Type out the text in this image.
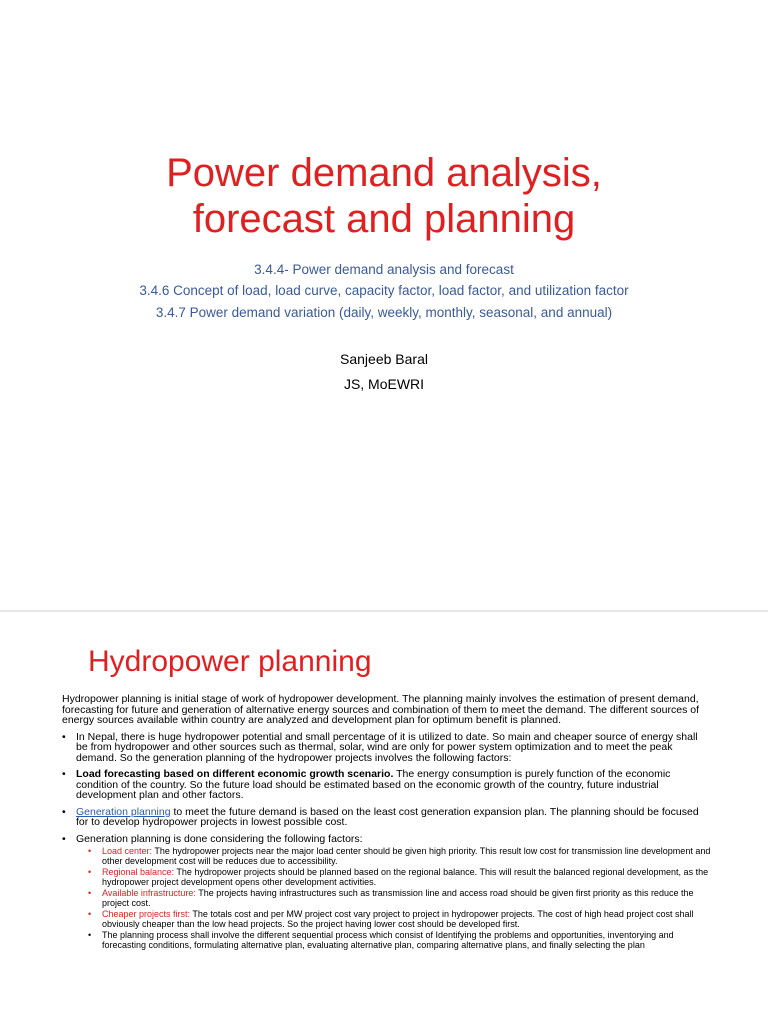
Power demand analysis,
forecast and planning
3.4.4- Power demand analysis and forecast
3.4.6 Concept of load, load curve, capacity factor, load factor, and utilization factor
3.4.7 Power demand variation (daily, weekly, monthly, seasonal, and annual)
Sanjeeb Baral
JS, MoEWRI
Hydropower planning
Hydropower planning is initial stage of work of hydropower development. The planning mainly involves the estimation of present demand, forecasting for future and generation of alternative energy sources and combination of them to meet the demand. The different sources of energy sources available within country are analyzed and development plan for optimum benefit is planned.
• In Nepal, there is huge hydropower potential and small percentage of it is utilized to date. So main and cheaper source of energy shall be from hydropower and other sources such as thermal, solar, wind are only for power system optimization and to meet the peak demand. So the generation planning of the hydropower projects involves the following factors:
• Load forecasting based on different economic growth scenario. The energy consumption is purely function of the economic condition of the country. So the future load should be estimated based on the economic growth of the country, future industrial development plan and other factors.
• Generation planning to meet the future demand is based on the least cost generation expansion plan. The planning should be focused for to develop hydropower projects in lowest possible cost.
• Generation planning is done considering the following factors:
• Load center: The hydropower projects near the major load center should be given high priority. This result low cost for transmission line development and other development cost will be reduces due to accessibility.
• Regional balance: The hydropower projects should be planned based on the regional balance. This will result the balanced regional development, as the hydropower project development opens other development activities.
• Available infrastructure: The projects having infrastructures such as transmission line and access road should be given first priority as this reduce the project cost.
• Cheaper projects first: The totals cost and per MW project cost vary project to project in hydropower projects. The cost of high head project cost shall obviously cheaper than the low head projects. So the project having lower cost should be developed first.
• The planning process shall involve the different sequential process which consist of Identifying the problems and opportunities, inventorying and forecasting conditions, formulating alternative plan, evaluating alternative plan, comparing alternative plans, and finally selecting the plan
